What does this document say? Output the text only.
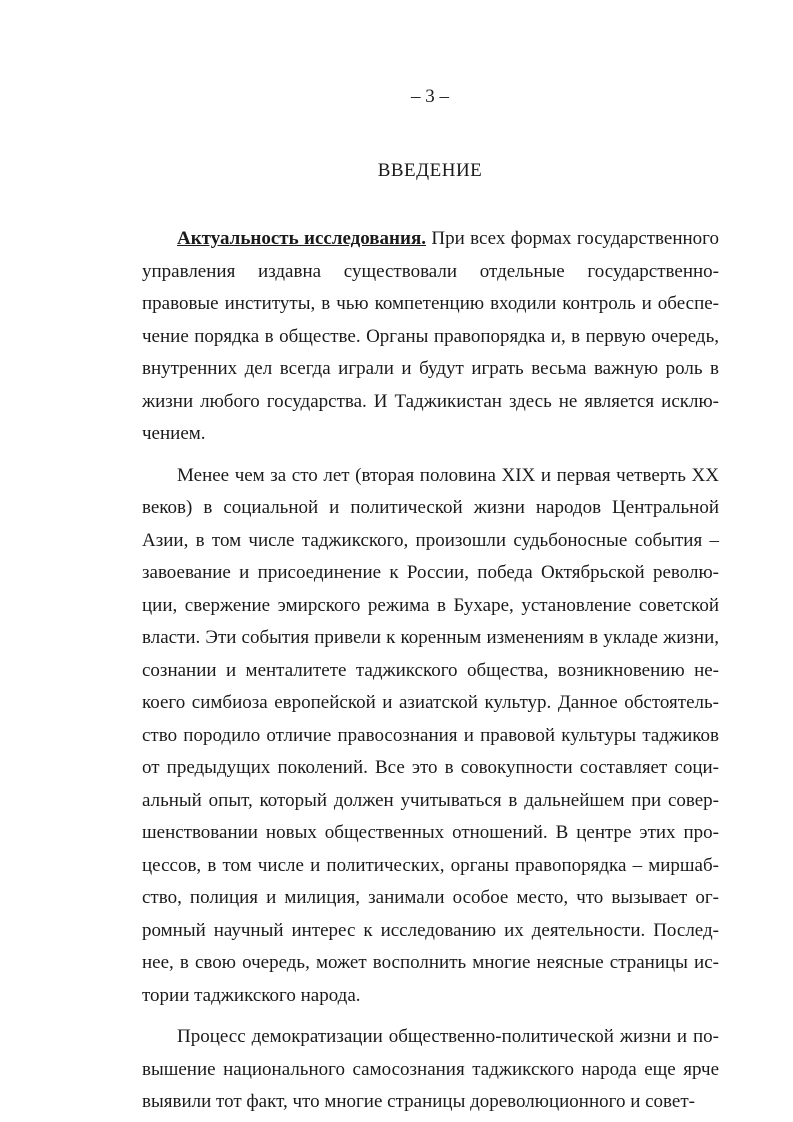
– 3 –
ВВЕДЕНИЕ

Актуальность исследования. При всех формах государственного управления издавна существовали отдельные государственно-правовые институты, в чью компетенцию входили контроль и обеспечение порядка в обществе. Органы правопорядка и, в первую очередь, внутренних дел всегда играли и будут играть весьма важную роль в жизни любого государства. И Таджикистан здесь не является исключением.

Менее чем за сто лет (вторая половина XIX и первая четверть XX веков) в социальной и политической жизни народов Центральной Азии, в том числе таджикского, произошли судьбоносные события – завоевание и присоединение к России, победа Октябрьской революции, свержение эмирского режима в Бухаре, установление советской власти. Эти события привели к коренным изменениям в укладе жизни, сознании и менталитете таджикского общества, возникновению некоего симбиоза европейской и азиатской культур. Данное обстоятельство породило отличие правосознания и правовой культуры таджиков от предыдущих поколений. Все это в совокупности составляет социальный опыт, который должен учитываться в дальнейшем при совершенствовании новых общественных отношений. В центре этих процессов, в том числе и политических, органы правопорядка – миршабство, полиция и милиция, занимали особое место, что вызывает огромный научный интерес к исследованию их деятельности. Последнее, в свою очередь, может восполнить многие неясные страницы истории таджикского народа.

Процесс демократизации общественно-политической жизни и повышение национального самосознания таджикского народа еще ярче выявили тот факт, что многие страницы дореволюционного и совет-
